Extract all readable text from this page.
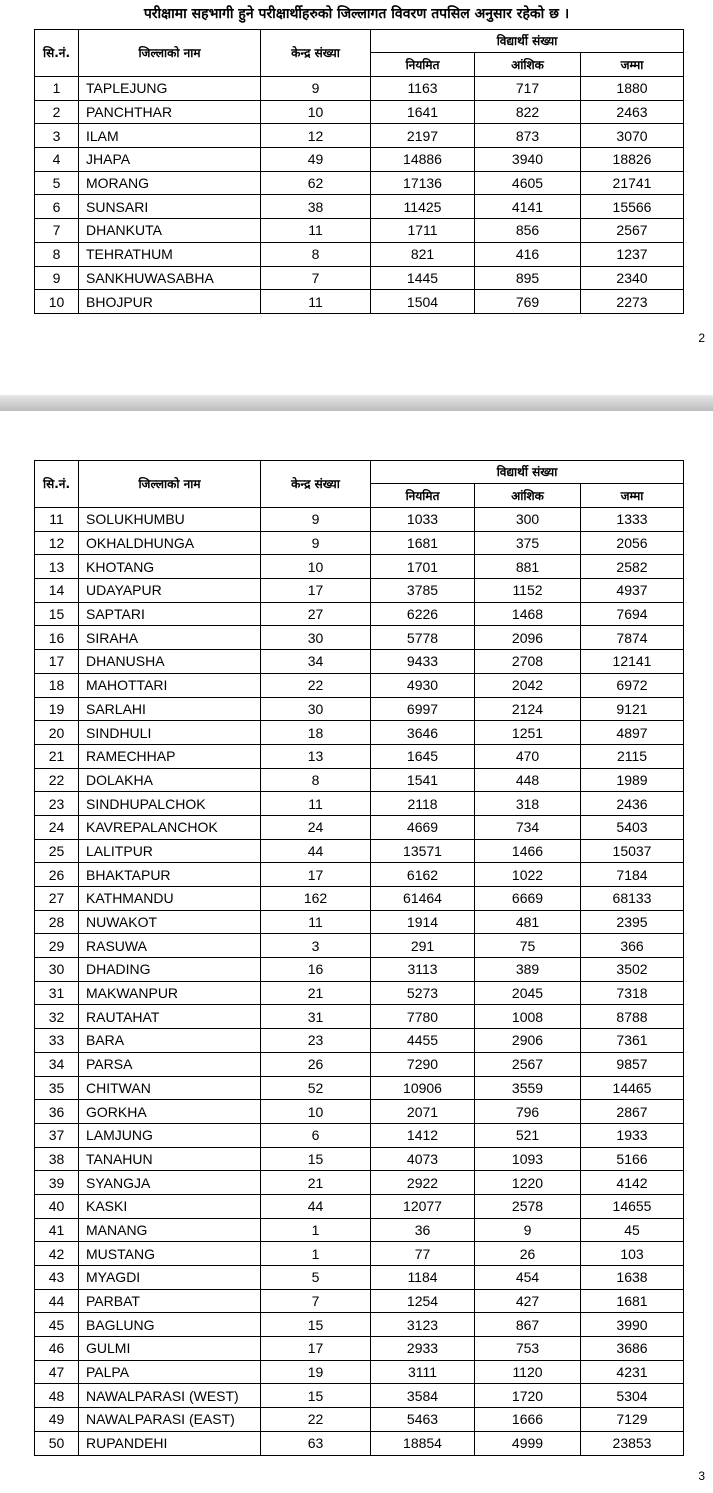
परीक्षामा सहभागी हुने परीक्षार्थीहरुको जिल्लागत विवरण तपसिल अनुसार रहेको छ ।
सि.नं.	जिल्लाको नाम	केन्द्र संख्या	विद्यार्थी संख्या		
			नियमित	आंशिक	जम्मा
1	TAPLEJUNG	9	1163	717	1880
2	PANCHTHAR	10	1641	822	2463
3	ILAM	12	2197	873	3070
4	JHAPA	49	14886	3940	18826
5	MORANG	62	17136	4605	21741
6	SUNSARI	38	11425	4141	15566
7	DHANKUTA	11	1711	856	2567
8	TEHRATHUM	8	821	416	1237
9	SANKHUWASABHA	7	1445	895	2340
10	BHOJPUR	11	1504	769	2273
2
सि.नं.	जिल्लाको नाम	केन्द्र संख्या	विद्यार्थी संख्या		
			नियमित	आंशिक	जम्मा
11	SOLUKHUMBU	9	1033	300	1333
12	OKHALDHUNGA	9	1681	375	2056
13	KHOTANG	10	1701	881	2582
14	UDAYAPUR	17	3785	1152	4937
15	SAPTARI	27	6226	1468	7694
16	SIRAHA	30	5778	2096	7874
17	DHANUSHA	34	9433	2708	12141
18	MAHOTTARI	22	4930	2042	6972
19	SARLAHI	30	6997	2124	9121
20	SINDHULI	18	3646	1251	4897
21	RAMECHHAP	13	1645	470	2115
22	DOLAKHA	8	1541	448	1989
23	SINDHUPALCHOK	11	2118	318	2436
24	KAVREPALANCHOK	24	4669	734	5403
25	LALITPUR	44	13571	1466	15037
26	BHAKTAPUR	17	6162	1022	7184
27	KATHMANDU	162	61464	6669	68133
28	NUWAKOT	11	1914	481	2395
29	RASUWA	3	291	75	366
30	DHADING	16	3113	389	3502
31	MAKWANPUR	21	5273	2045	7318
32	RAUTAHAT	31	7780	1008	8788
33	BARA	23	4455	2906	7361
34	PARSA	26	7290	2567	9857
35	CHITWAN	52	10906	3559	14465
36	GORKHA	10	2071	796	2867
37	LAMJUNG	6	1412	521	1933
38	TANAHUN	15	4073	1093	5166
39	SYANGJA	21	2922	1220	4142
40	KASKI	44	12077	2578	14655
41	MANANG	1	36	9	45
42	MUSTANG	1	77	26	103
43	MYAGDI	5	1184	454	1638
44	PARBAT	7	1254	427	1681
45	BAGLUNG	15	3123	867	3990
46	GULMI	17	2933	753	3686
47	PALPA	19	3111	1120	4231
48	NAWALPARASI (WEST)	15	3584	1720	5304
49	NAWALPARASI (EAST)	22	5463	1666	7129
50	RUPANDEHI	63	18854	4999	23853
3
